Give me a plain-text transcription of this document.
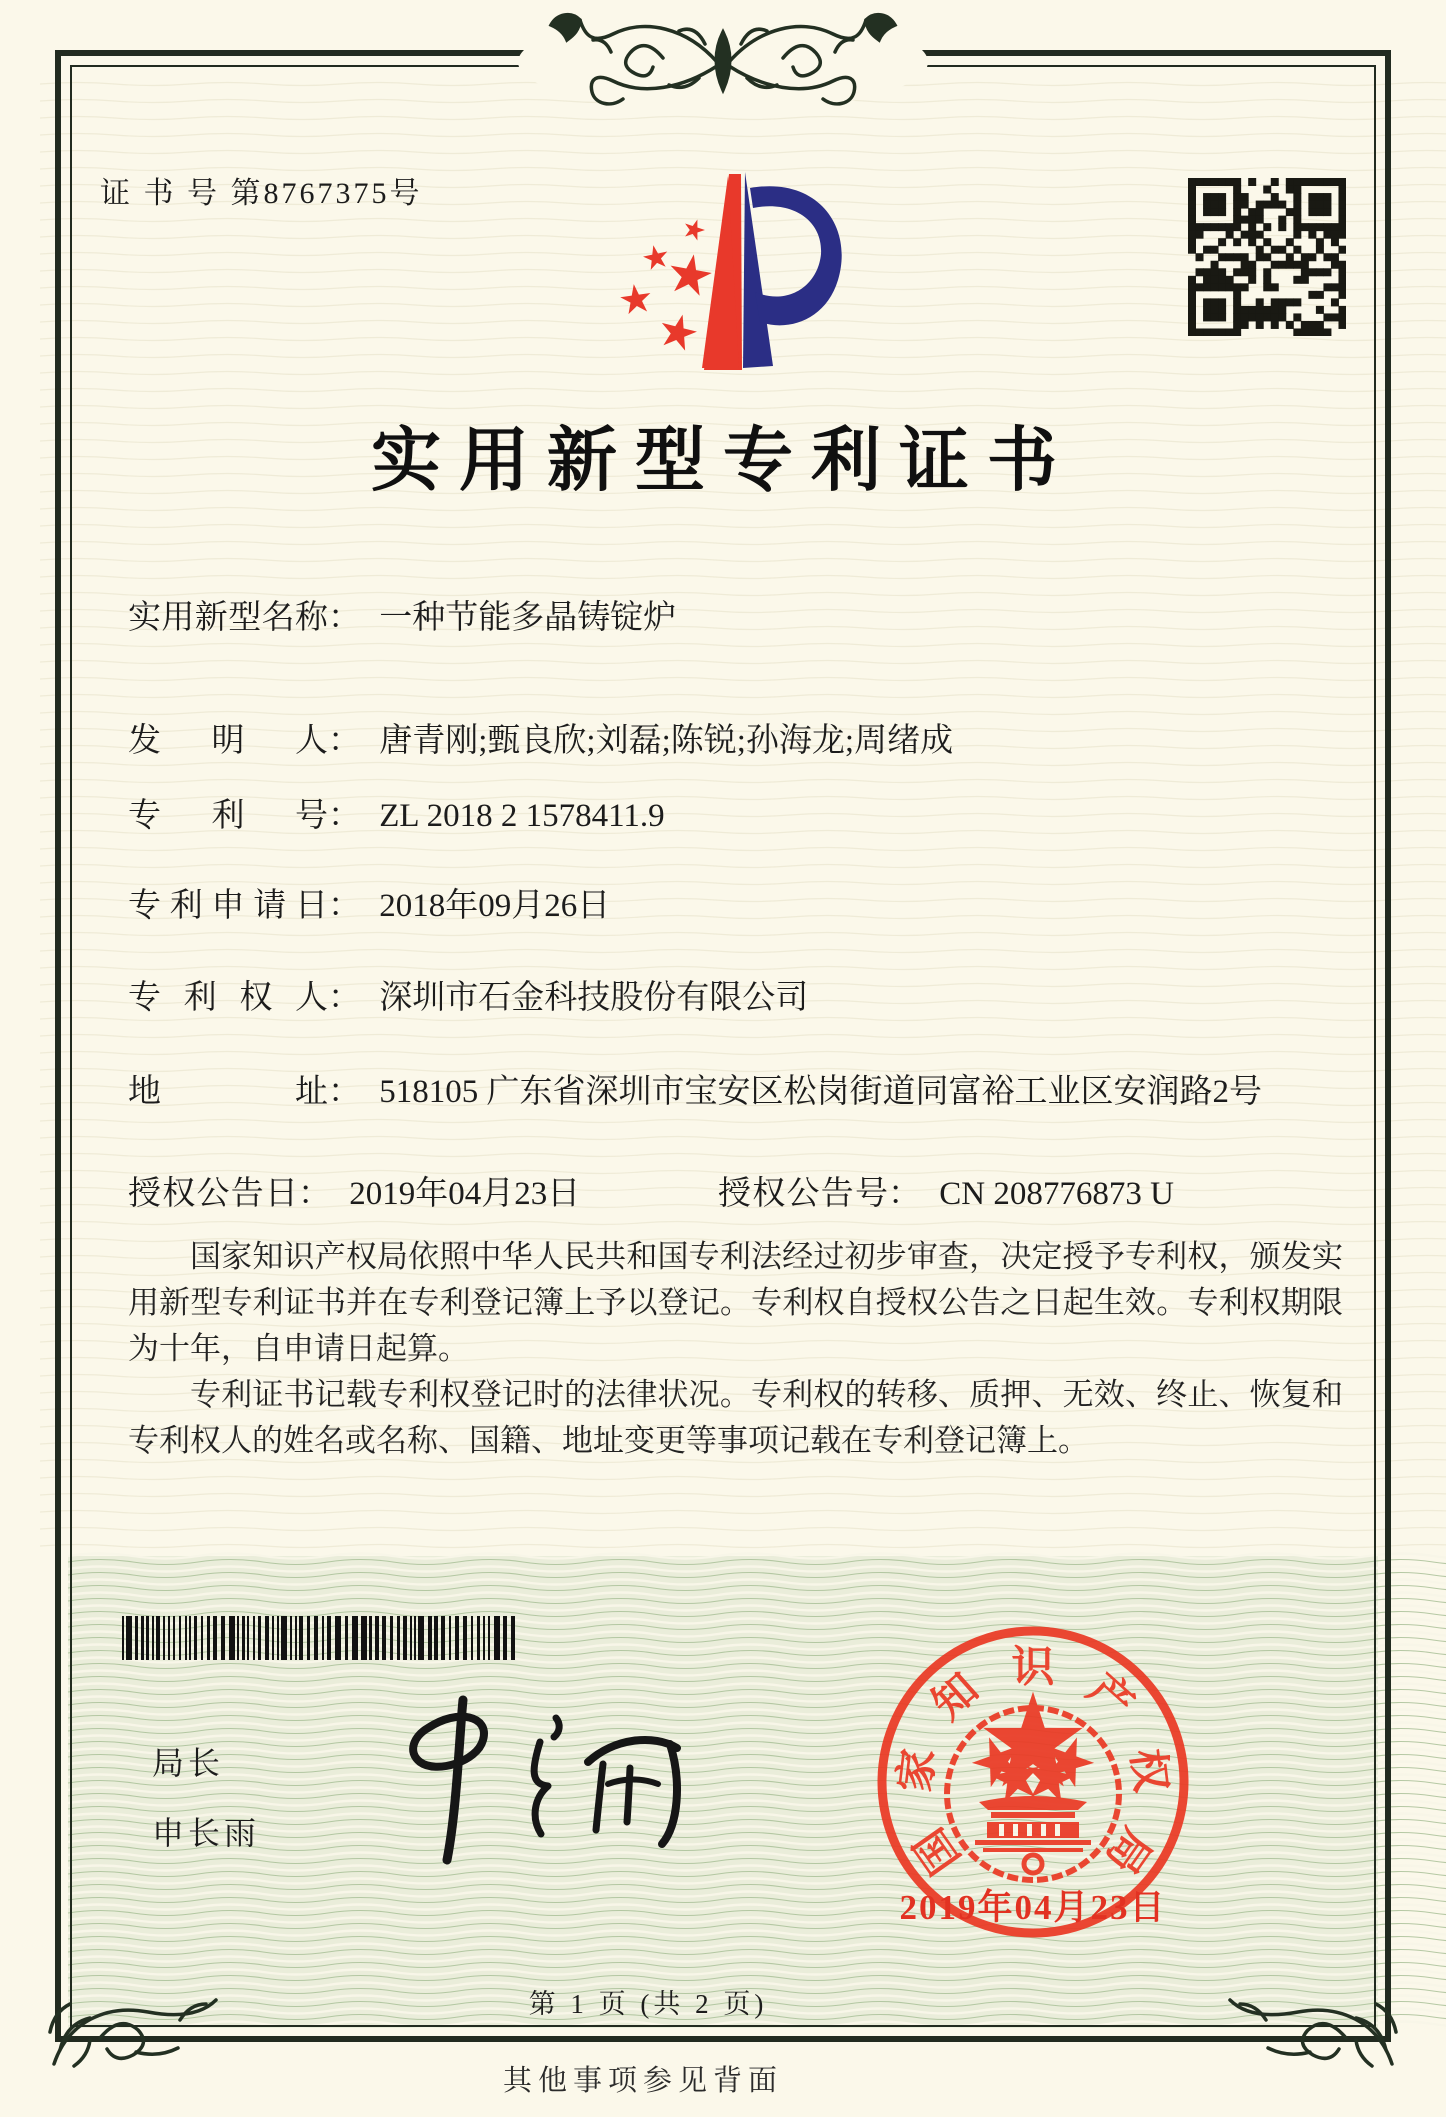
证 书 号 第8767375号
实用新型专利证书
实用新型名称： 一种节能多晶铸锭炉
发明人： 唐青刚;甄良欣;刘磊;陈锐;孙海龙;周绪成
专利号： ZL 2018 2 1578411.9
专利申请日： 2018年09月26日
专利权人： 深圳市石金科技股份有限公司
地址： 518105 广东省深圳市宝安区松岗街道同富裕工业区安润路2号
授权公告日： 2019年04月23日	授权公告号： CN 208776873 U

国家知识产权局依照中华人民共和国专利法经过初步审查，决定授予专利权，颁发实用新型专利证书并在专利登记簿上予以登记。专利权自授权公告之日起生效。专利权期限为十年，自申请日起算。

专利证书记载专利权登记时的法律状况。专利权的转移、质押、无效、终止、恢复和专利权人的姓名或名称、国籍、地址变更等事项记载在专利登记簿上。

局长
申长雨	国
家
知 识 产
权
局
2019年04月23日
第 1 页 (共 2 页)
其他事项参见背面
